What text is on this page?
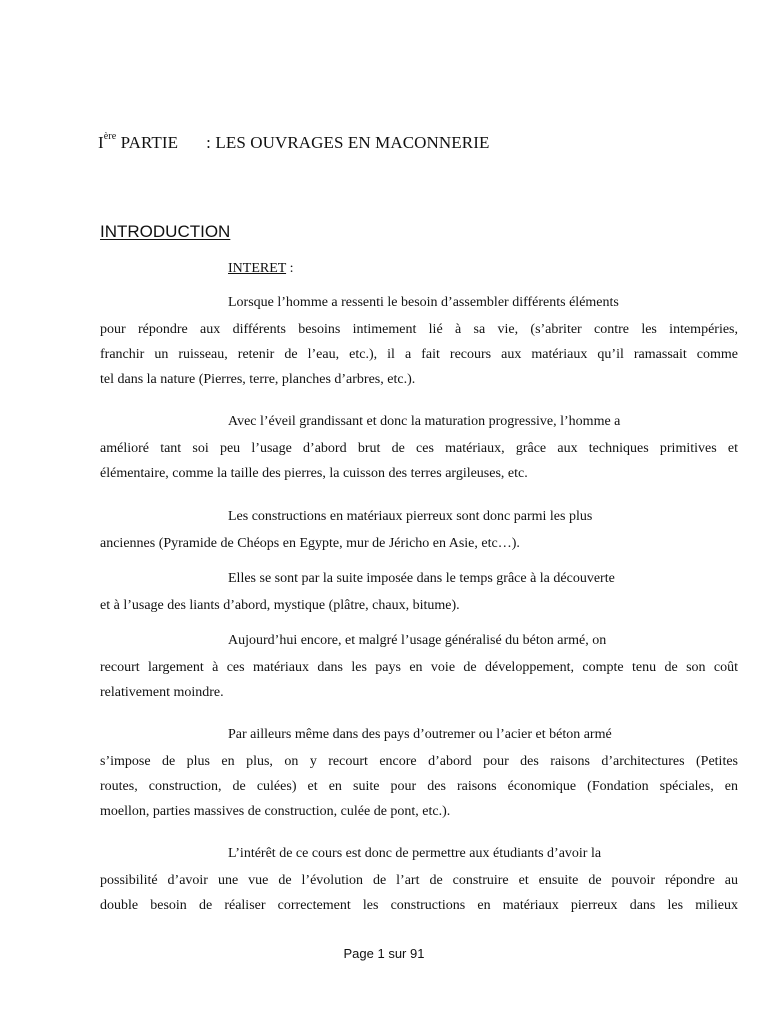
Ière PARTIE : LES OUVRAGES EN MACONNERIE
INTRODUCTION
INTERET :
Lorsque l’homme a ressenti le besoin d’assembler différents éléments
pour répondre aux différents besoins intimement lié à sa vie, (s’abriter contre les intempéries,
franchir un ruisseau, retenir de l’eau, etc.), il a fait recours aux matériaux qu’il ramassait comme
tel dans la nature (Pierres, terre, planches d’arbres, etc.).
Avec l’éveil grandissant et donc la maturation progressive, l’homme a
amélioré tant soi peu l’usage d’abord brut de ces matériaux, grâce aux techniques primitives et
élémentaire, comme la taille des pierres, la cuisson des terres argileuses, etc.
Les constructions en matériaux pierreux sont donc parmi les plus
anciennes (Pyramide de Chéops en Egypte, mur de Jéricho en Asie, etc…).
Elles se sont par la suite imposée dans le temps grâce à la découverte
et à l’usage des liants d’abord, mystique (plâtre, chaux, bitume).
Aujourd’hui encore, et malgré l’usage généralisé du béton armé, on
recourt largement à ces matériaux dans les pays en voie de développement, compte tenu de son coût
relativement moindre.
Par ailleurs même dans des pays d’outremer ou l’acier et béton armé
s’impose de plus en plus, on y recourt encore d’abord pour des raisons d’architectures (Petites
routes, construction, de culées) et en suite pour des raisons économique (Fondation spéciales, en
moellon, parties massives de construction, culée de pont, etc.).
L’intérêt de ce cours est donc de permettre aux étudiants d’avoir la
possibilité d’avoir une vue de l’évolution de l’art de construire et ensuite de pouvoir répondre au
double besoin de réaliser correctement les constructions en matériaux pierreux dans les milieux
Page 1 sur 91
